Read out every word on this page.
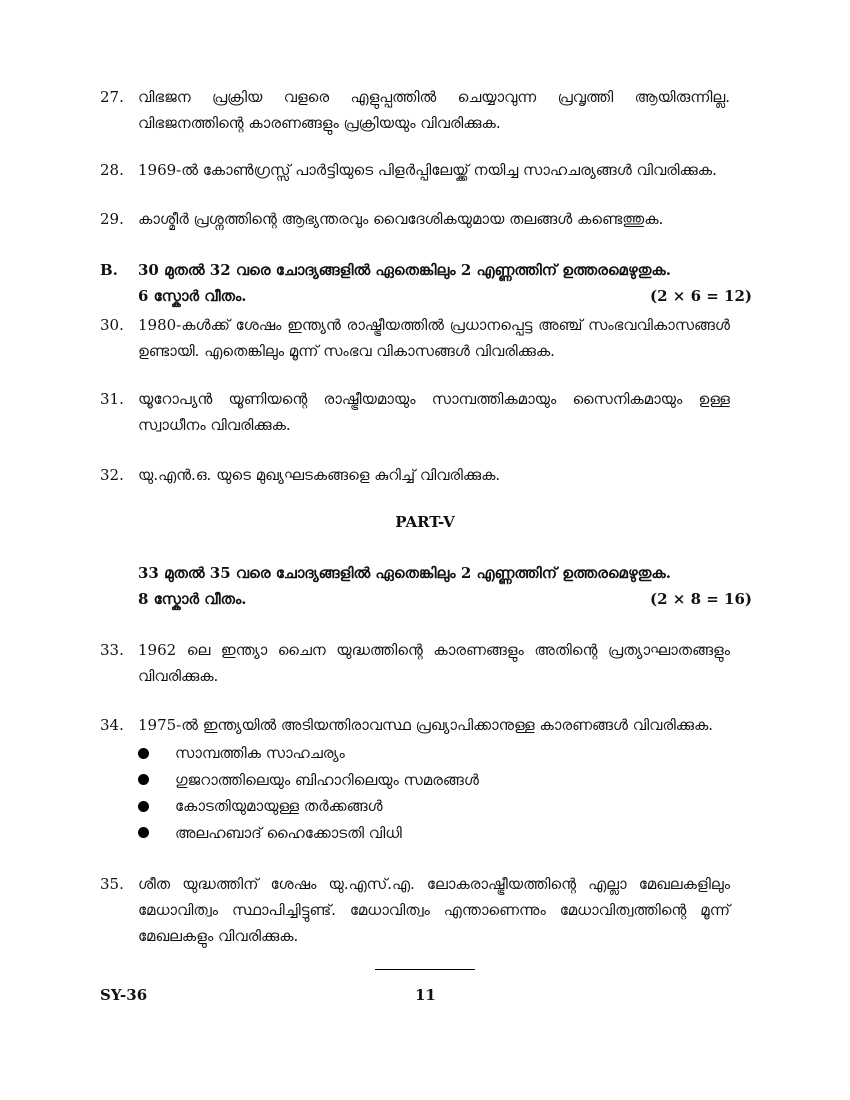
27. വിഭജന പ്രക്രിയ വളരെ എളുപ്പത്തിൽ ചെയ്യാവുന്ന പ്രവൃത്തി ആയിരുന്നില്ല. വിഭജനത്തിന്റെ കാരണങ്ങളും പ്രക്രിയയും വിവരിക്കുക.
28. 1969-ൽ കോൺഗ്രസ്സ് പാർട്ടിയുടെ പിളർപ്പിലേയ്ക്ക് നയിച്ച സാഹചര്യങ്ങൾ വിവരിക്കുക.
29. കാശ്മീർ പ്രശ്നത്തിന്റെ ആഭ്യന്തരവും വൈദേശികയുമായ തലങ്ങൾ കണ്ടെത്തുക.
B. 30 മുതൽ 32 വരെ ചോദ്യങ്ങളിൽ ഏതെങ്കിലും 2 എണ്ണത്തിന് ഉത്തരമെഴുതുക.
6 സ്കോർ വീതം.	(2 × 6 = 12)
30. 1980-കൾക്ക് ശേഷം ഇന്ത്യൻ രാഷ്ട്രീയത്തിൽ പ്രധാനപ്പെട്ട അഞ്ച് സംഭവവികാസങ്ങൾ ഉണ്ടായി. എതെങ്കിലും മൂന്ന് സംഭവ വികാസങ്ങൾ വിവരിക്കുക.
31. യൂറോപ്യൻ യൂണിയന്റെ രാഷ്ട്രീയമായും സാമ്പത്തികമായും സൈനികമായും ഉള്ള സ്വാധീനം വിവരിക്കുക.
32. യു.എൻ.ഒ. യുടെ മുഖ്യഘടകങ്ങളെ കുറിച്ച് വിവരിക്കുക.
PART-V
33 മുതൽ 35 വരെ ചോദ്യങ്ങളിൽ ഏതെങ്കിലും 2 എണ്ണത്തിന് ഉത്തരമെഴുതുക.
8 സ്കോർ വീതം.	(2 × 8 = 16)
33. 1962 ലെ ഇന്ത്യാ ചൈന യുദ്ധത്തിന്റെ കാരണങ്ങളും അതിന്റെ പ്രത്യാഘാതങ്ങളും വിവരിക്കുക.
34. 1975-ൽ ഇന്ത്യയിൽ അടിയന്തിരാവസ്ഥ പ്രഖ്യാപിക്കാനുള്ള കാരണങ്ങൾ വിവരിക്കുക.
സാമ്പത്തിക സാഹചര്യം
ഗുജറാത്തിലെയും ബിഹാറിലെയും സമരങ്ങൾ
കോടതിയുമായുള്ള തർക്കങ്ങൾ
അലഹബാദ് ഹൈക്കോടതി വിധി
35. ശീത യുദ്ധത്തിന് ശേഷം യു.എസ്.എ. ലോകരാഷ്ട്രീയത്തിന്റെ എല്ലാ മേഖലകളിലും മേധാവിത്വം സ്ഥാപിച്ചിട്ടുണ്ട്. മേധാവിത്വം എന്താണെന്നും മേധാവിത്വത്തിന്റെ മൂന്ന് മേഖലകളും വിവരിക്കുക.
SY-36	11
